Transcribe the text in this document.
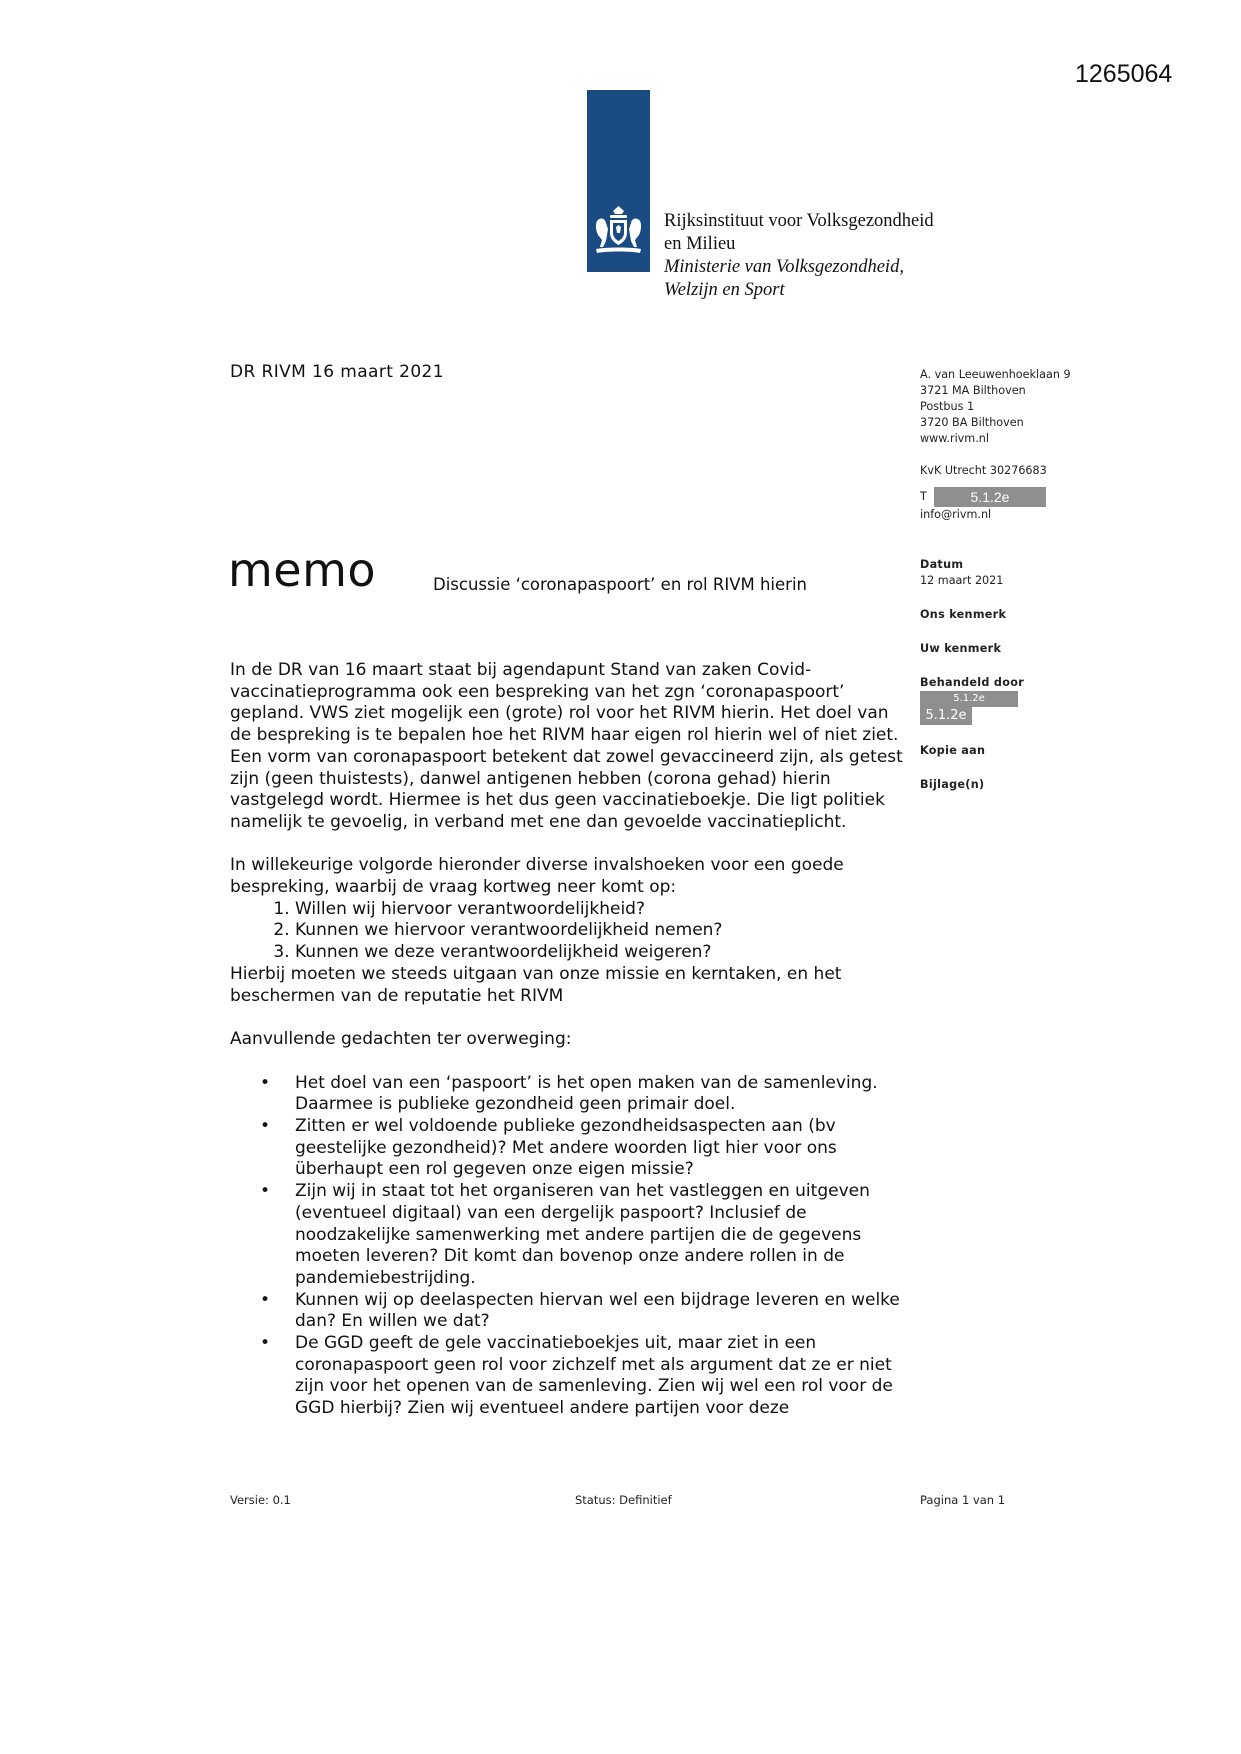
1265064
Rijksinstituut voor Volksgezondheid
en Milieu
Ministerie van Volksgezondheid,
Welzijn en Sport
DR RIVM 16 maart 2021	A. van Leeuwenhoeklaan 9
3721 MA Bilthoven
Postbus 1
3720 BA Bilthoven
www.rivm.nl
KvK Utrecht 30276683
T	5.1.2e
info@rivm.nl
Datum
12 maart 2021
Ons kenmerk
Uw kenmerk
Behandeld door
5.1.2e
5.1.2e
Kopie aan
Bijlage(n)
memo	Discussie ‘coronapaspoort’ en rol RIVM hierin

In de DR van 16 maart staat bij agendapunt Stand van zaken Covid-vaccinatieprogramma ook een bespreking van het zgn ‘coronapaspoort’ gepland. VWS ziet mogelijk een (grote) rol voor het RIVM hierin. Het doel van de bespreking is te bepalen hoe het RIVM haar eigen rol hierin wel of niet ziet. Een vorm van coronapaspoort betekent dat zowel gevaccineerd zijn, als getest zijn (geen thuistests), danwel antigenen hebben (corona gehad) hierin vastgelegd wordt. Hiermee is het dus geen vaccinatieboekje. Die ligt politiek namelijk te gevoelig, in verband met ene dan gevoelde vaccinatieplicht.

In willekeurige volgorde hieronder diverse invalshoeken voor een goede bespreking, waarbij de vraag kortweg neer komt op:
1. Willen wij hiervoor verantwoordelijkheid?
2. Kunnen we hiervoor verantwoordelijkheid nemen?
3. Kunnen we deze verantwoordelijkheid weigeren?

Hierbij moeten we steeds uitgaan van onze missie en kerntaken, en het beschermen van de reputatie het RIVM

Aanvullende gedachten ter overweging:
• Het doel van een ‘paspoort’ is het open maken van de samenleving. Daarmee is publieke gezondheid geen primair doel.
• Zitten er wel voldoende publieke gezondheidsaspecten aan (bv geestelijke gezondheid)? Met andere woorden ligt hier voor ons überhaupt een rol gegeven onze eigen missie?
• Zijn wij in staat tot het organiseren van het vastleggen en uitgeven (eventueel digitaal) van een dergelijk paspoort? Inclusief de noodzakelijke samenwerking met andere partijen die de gegevens moeten leveren? Dit komt dan bovenop onze andere rollen in de pandemiebestrijding.
• Kunnen wij op deelaspecten hiervan wel een bijdrage leveren en welke dan? En willen we dat?
• De GGD geeft de gele vaccinatieboekjes uit, maar ziet in een coronapaspoort geen rol voor zichzelf met als argument dat ze er niet zijn voor het openen van de samenleving. Zien wij wel een rol voor de GGD hierbij? Zien wij eventueel andere partijen voor deze
Versie: 0.1	Status: Definitief	Pagina 1 van 1
